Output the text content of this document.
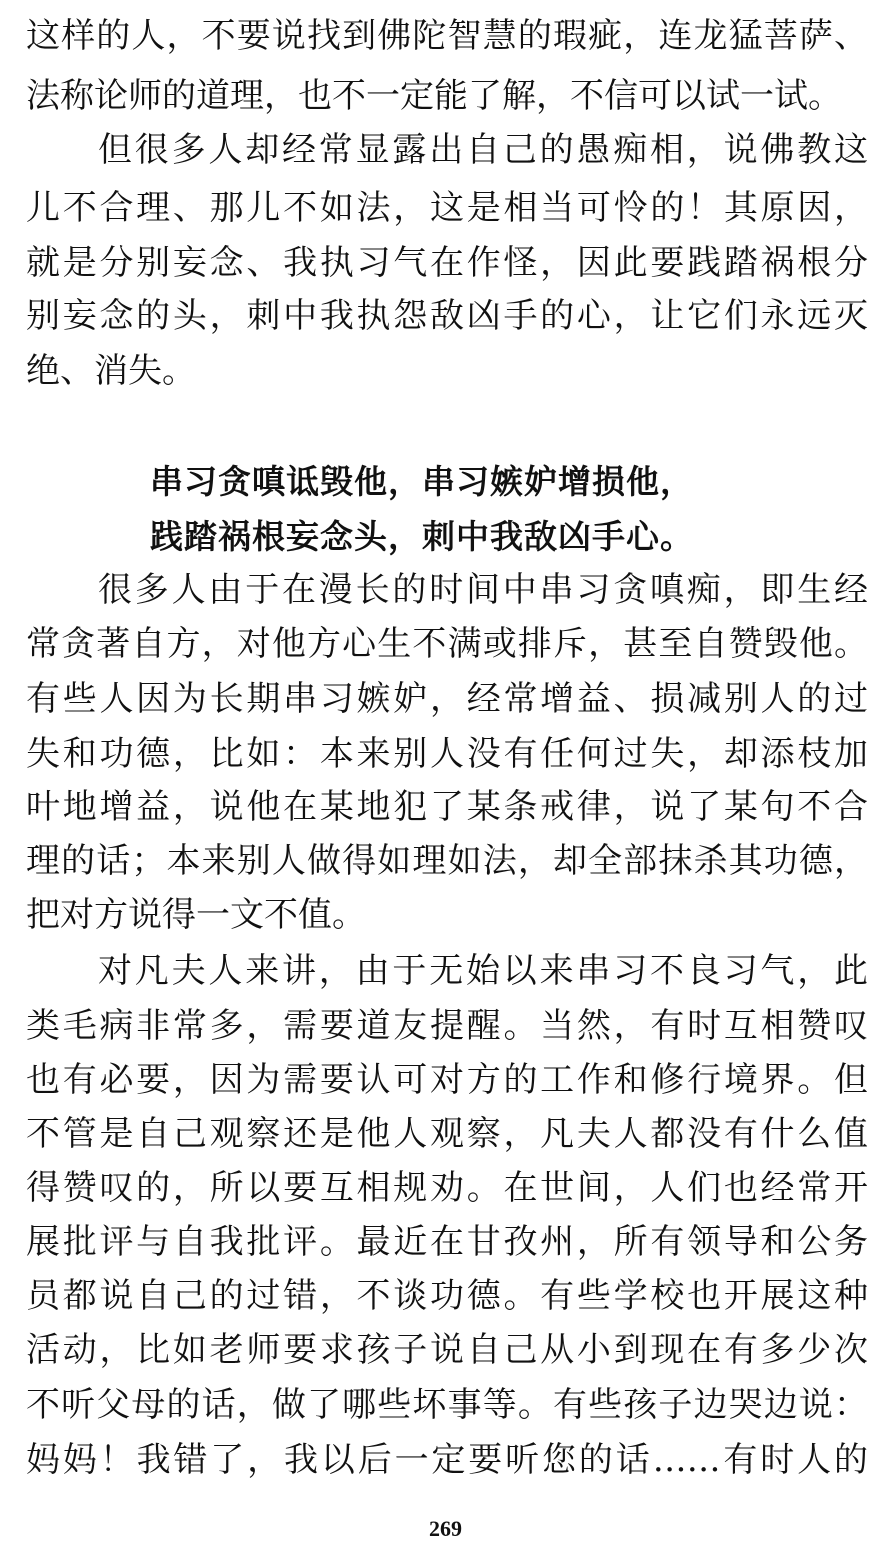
这样的人，不要说找到佛陀智慧的瑕疵，连龙猛菩萨、
法称论师的道理，也不一定能了解，不信可以试一试。
但很多人却经常显露出自己的愚痴相，说佛教这
儿不合理、那儿不如法，这是相当可怜的！其原因，
就是分别妄念、我执习气在作怪，因此要践踏祸根分
别妄念的头，刺中我执怨敌凶手的心，让它们永远灭
绝、消失。
串习贪嗔诋毁他，串习嫉妒增损他，
践踏祸根妄念头，刺中我敌凶手心。
很多人由于在漫长的时间中串习贪嗔痴，即生经
常贪著自方，对他方心生不满或排斥，甚至自赞毁他。
有些人因为长期串习嫉妒，经常增益、损减别人的过
失和功德，比如：本来别人没有任何过失，却添枝加
叶地增益，说他在某地犯了某条戒律，说了某句不合
理的话；本来别人做得如理如法，却全部抹杀其功德，
把对方说得一文不值。
对凡夫人来讲，由于无始以来串习不良习气，此
类毛病非常多，需要道友提醒。当然，有时互相赞叹
也有必要，因为需要认可对方的工作和修行境界。但
不管是自己观察还是他人观察，凡夫人都没有什么值
得赞叹的，所以要互相规劝。在世间，人们也经常开
展批评与自我批评。最近在甘孜州，所有领导和公务
员都说自己的过错，不谈功德。有些学校也开展这种
活动，比如老师要求孩子说自己从小到现在有多少次
不听父母的话，做了哪些坏事等。有些孩子边哭边说：
妈妈！我错了，我以后一定要听您的话……有时人的
269
